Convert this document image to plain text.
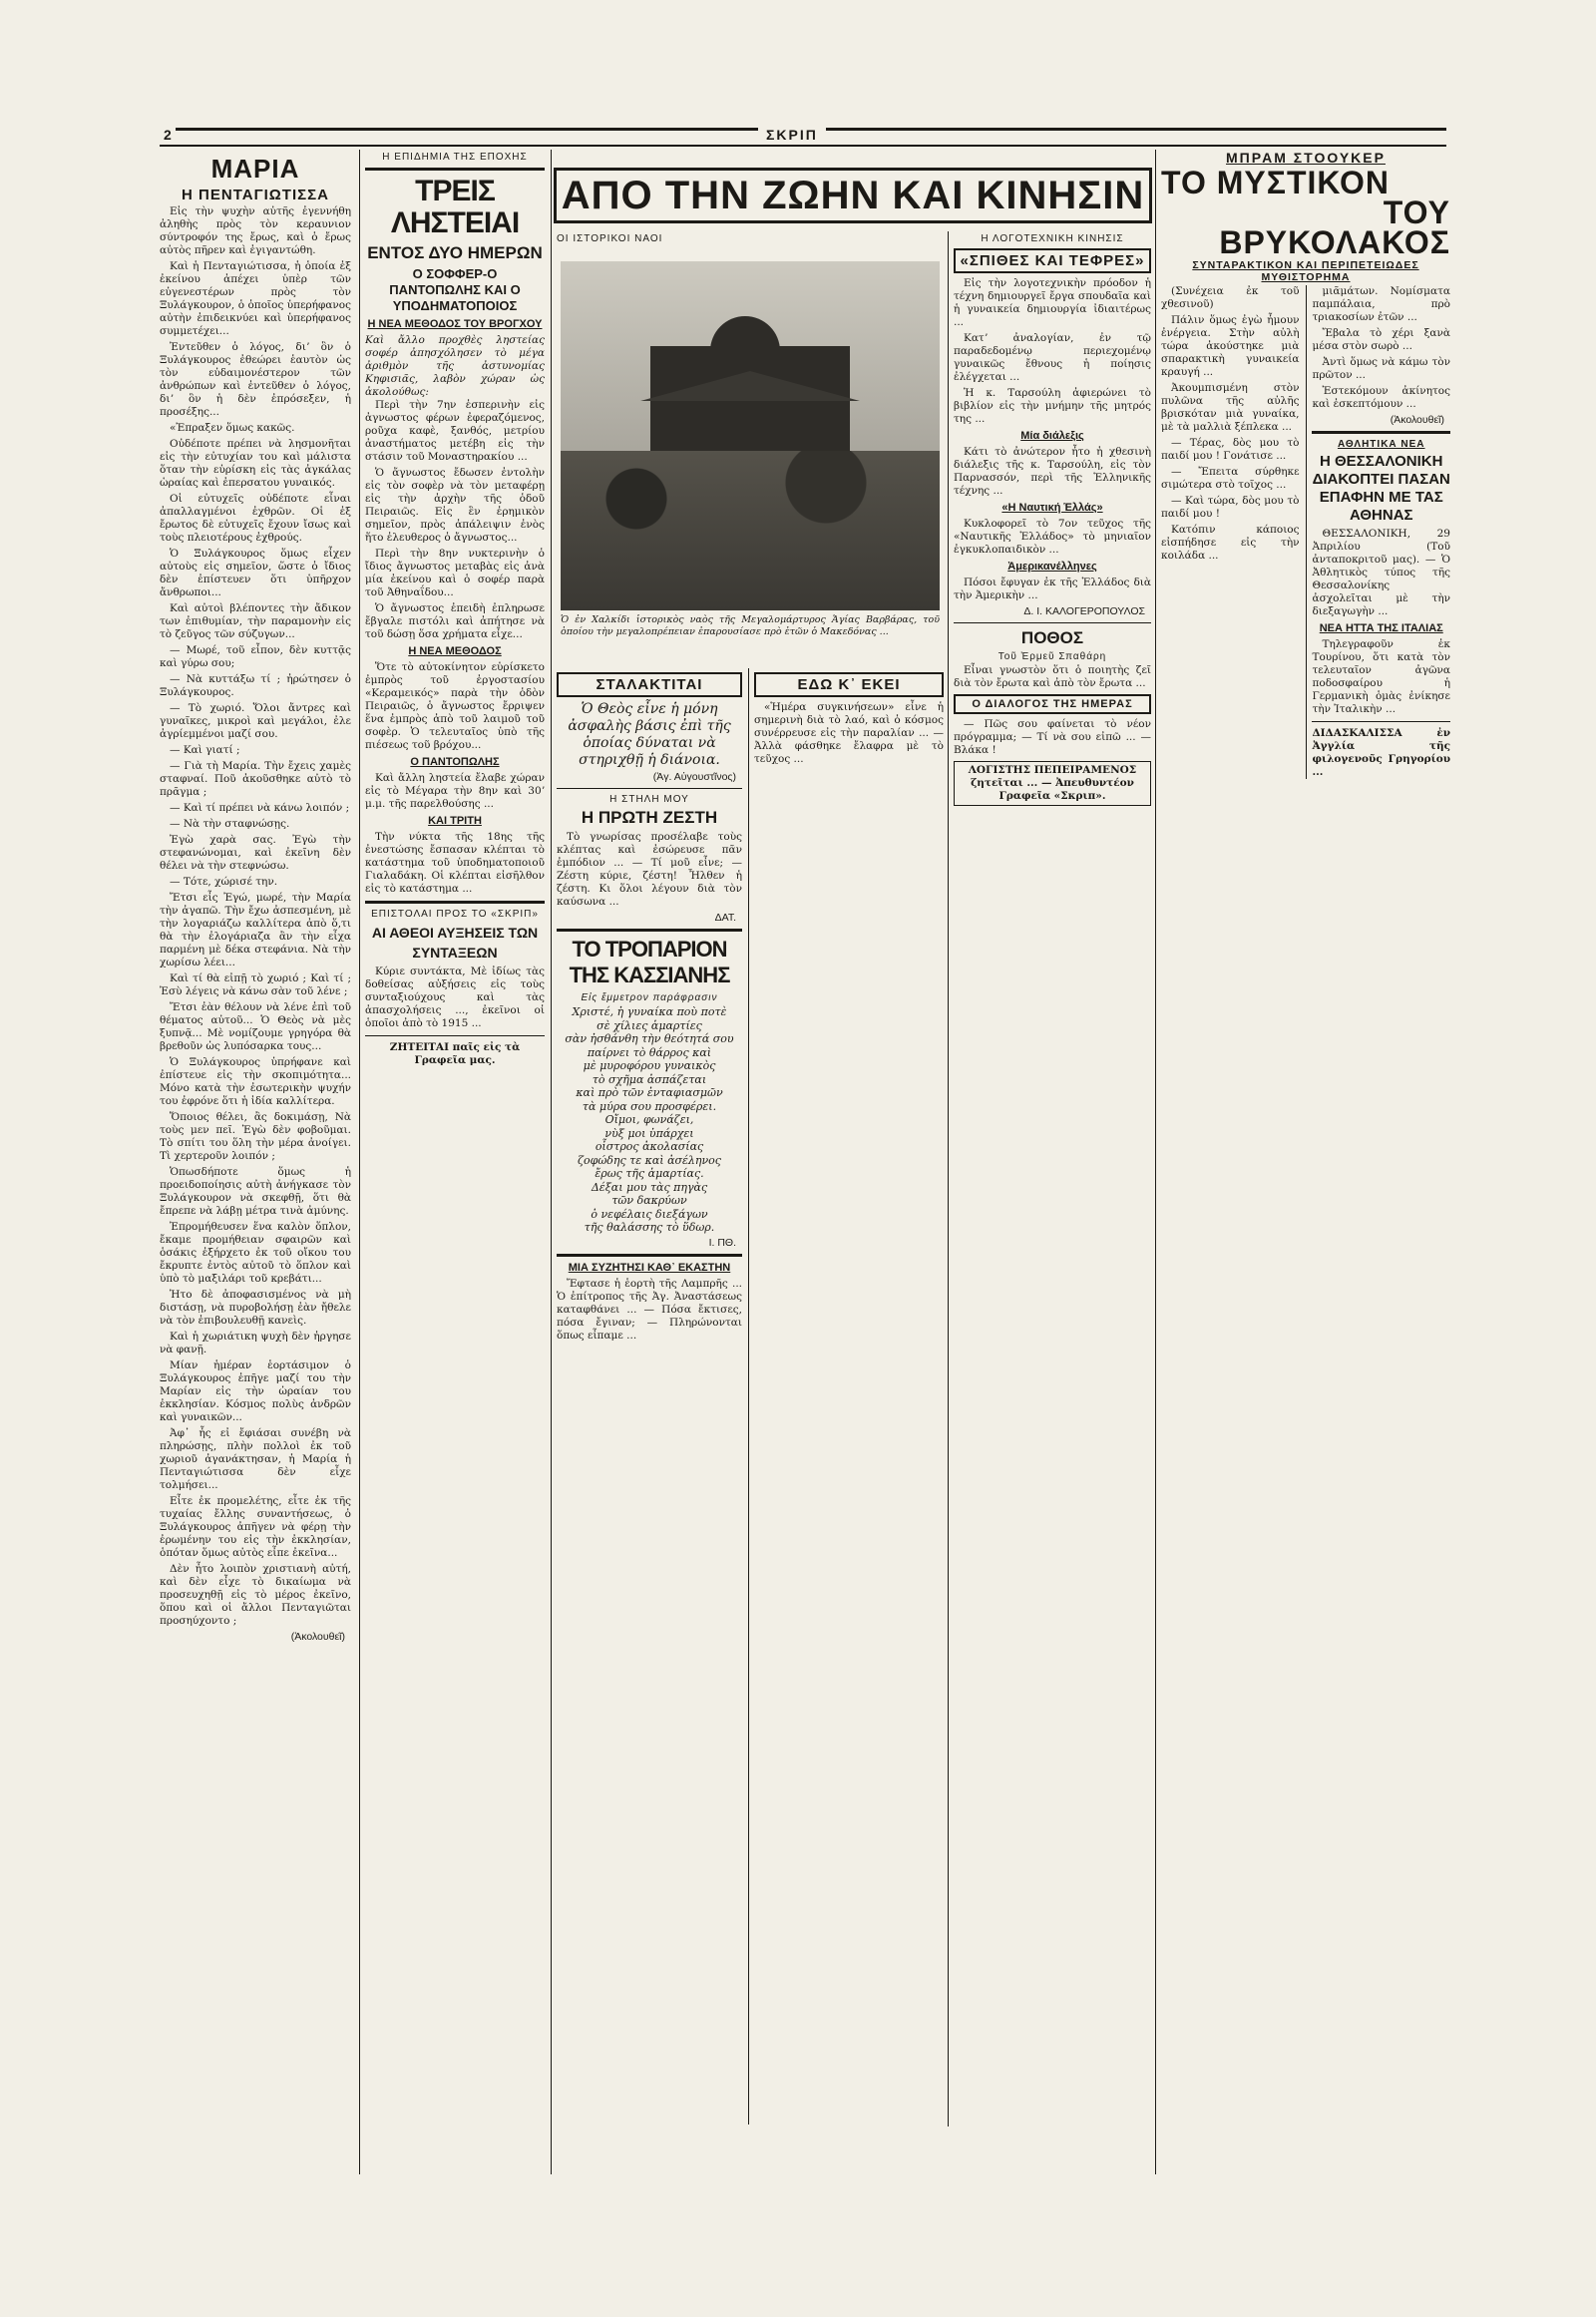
2	ΣΚΡΙΠ
ΜΑΡΙΑ
Η ΠΕΝΤΑΓΙΩΤΙΣΣΑ

Εἰς τὴν ψυχὴν αὐτῆς ἐγεννήθη ἀληθὴς πρὸς τὸν κεραυνιον σύντροφόν της ἔρως, καὶ ὁ ἔρως αὐτὸς πῆρεν καὶ ἐγιγαντώθη.

Καὶ ἡ Πενταγιώτισσα, ἡ ὁποία ἐξ ἐκείνου ἀπέχει ὑπὲρ τῶν εὐγενεστέρων πρὸς τὸν Ξυλάγκουρον, ὁ ὁποῖος ὑπερήφανος αὐτὴν ἐπιδεικνύει καὶ ὑπερήφανος συμμετέχει...

Ἐντεῦθεν ὁ λόγος, διʼ ὃν ὁ Ξυλάγκουρος ἐθεώρει ἑαυτὸν ὡς τὸν εὐδαιμονέστερον τῶν ἀνθρώπων καὶ ἐντεῦθεν ὁ λόγος, διʼ ὃν ἡ δὲν ἐπρόσεξεν, ἡ προσέξης...

«Ἐπραξεν ὅμως κακῶς.

Οὐδέποτε πρέπει νὰ λησμονῆται εἰς τὴν εὐτυχίαν του καὶ μάλιστα ὅταν τὴν εὑρίσκη εἰς τὰς ἀγκάλας ὡραίας καὶ ἐπερσατου γυναικός.

Οἱ εὐτυχεῖς οὐδέποτε εἶναι ἀπαλλαγμένοι ἐχθρῶν. Οἱ ἐξ ἔρωτος δὲ εὐτυχεῖς ἔχουν ἴσως καὶ τοὺς πλειοτέρους ἐχθρούς.

Ὁ Ξυλάγκουρος ὅμως εἶχεν αὐτοὺς εἰς σημεῖον, ὥστε ὁ ἴδιος δὲν ἐπίστευεν ὅτι ὑπῆρχον ἄνθρωποι...

Καὶ αὐτοὶ βλέποντες τὴν ἄδικον των ἐπιθυμίαν, τὴν παραμονὴν εἰς τὸ ζεῦγος τῶν σύζυγων...

— Μωρέ, τοῦ εἶπον, δὲν κυττᾷς καὶ γύρω σου;

— Νὰ κυττάξω τί ; ἠρώτησεν ὁ Ξυλάγκουρος.

— Τὸ χωριό. Ὅλοι ἄντρες καὶ γυναῖκες, μικροὶ καὶ μεγάλοι, ἐλε ἀγρίεμμένοι μαζί σου.

— Καὶ γιατί ;

— Γιὰ τὴ Μαρία. Τὴν ἔχεις χαμὲς σταφναί. Ποῦ ἀκοῦσθηκε αὐτὸ τὸ πρᾶγμα ;

— Καὶ τί πρέπει νὰ κάνω λοιπόν ;

— Νὰ τὴν σταφνώσῃς.

Ἐγὼ χαρὰ σας. Ἐγὼ τὴν στεφανώνομαι, καὶ ἐκεῖνη δὲν θέλει νὰ τὴν στεφνώσω.

— Τότε, χώρισέ την.

Ἔτσι εἶς Ἐγώ, μωρέ, τὴν Μαρία τὴν ἀγαπῶ. Τὴν ἔχω ἀσπεσμένη, μὲ τὴν λογαριάζω καλλίτερα ἀπὸ ὅ,τι θὰ τὴν ἐλογάριαζα ἂν τὴν εἶχα παρμένη μὲ δέκα στεφάνια. Νὰ τὴν χωρίσω λέει...

Καὶ τί θὰ εἰπῇ τὸ χωριό ; Καὶ τί ; Ἐσὺ λέγεις νὰ κάνω σὰν τοῦ λένε ;

Ἔτσι ἐὰν θέλουν νὰ λένε ἐπὶ τοῦ θέματος αὐτοῦ... Ὁ Θεὸς νὰ μὲς ξυπνᾷ... Μὲ νομίζουμε γρηγόρα θὰ βρεθοῦν ὡς λυπόσαρκα τους...

Ὁ Ξυλάγκουρος ὑπρήφανε καὶ ἐπίστευε εἰς τὴν σκοπιμότητα... Μόνο κατὰ τὴν ἐσωτερικὴν ψυχήν του ἐφρόνε ὅτι ἡ ἰδία καλλίτερα.

Ὅποιος θέλει, ἂς δοκιμάσῃ, Νὰ τοὺς μεν πεῖ. Ἐγὼ δὲν φοβοῦμαι. Τὸ σπίτι του ὅλη τὴν μέρα ἀνοίγει. Τὶ χερτεροῦν λοιπόν ;

Ὁπωσδήποτε ὅμως ἡ προειδοποίησις αὐτὴ ἀνήγκασε τὸν Ξυλάγκουρον νὰ σκεφθῇ, ὅτι θὰ ἔπρεπε νὰ λάβῃ μέτρα τινὰ ἀμύνης.

Ἐπρομήθευσεν ἕνα καλὸν ὅπλον, ἔκαμε προμήθειαν σφαιρῶν καὶ ὁσάκις ἐξήρχετο ἐκ τοῦ οἴκου του ἔκρυπτε ἐντὸς αὐτοῦ τὸ ὅπλον καὶ ὑπὸ τὸ μαξιλάρι τοῦ κρεβάτι...

Ἡτο δὲ ἀποφασισμένος νὰ μὴ διστάσῃ, νὰ πυροβολήσῃ ἐὰν ἤθελε νὰ τὸν ἐπιβουλευθῇ κανεὶς.

Καὶ ἡ χωριάτικη ψυχὴ δὲν ἠργησε νὰ φανῇ.

Μίαν ἡμέραν ἑορτάσιμον ὁ Ξυλάγκουρος ἐπῆγε μαζί του τὴν Μαρίαν εἰς τὴν ὡραίαν του ἐκκλησίαν. Κόσμος πολὺς ἀνδρῶν καὶ γυναικῶν...

Ἀφ᾽ ἧς εἰ ἔφιάσαι συνέβη νὰ πληρώσῃς, πλὴν πολλοὶ ἐκ τοῦ χωριοῦ ἀγανάκτησαν, ἡ Μαρία ἡ Πενταγιώτισσα δὲν εἶχε τολμήσει...

Εἶτε ἐκ προμελέτης, εἶτε ἐκ τῆς τυχαίας ἔλλης συναντήσεως, ὁ Ξυλάγκουρος ἀπῆγεν νὰ φέρῃ τὴν ἐρωμένην του εἰς τὴν ἐκκλησίαν, ὁπόταν ὅμως αὐτὸς εἶπε ἐκεῖνα...

Δὲν ἦτο λοιπὸν χριστιανὴ αὐτή, καὶ δὲν εἶχε τὸ δικαίωμα νὰ προσευχηθῇ εἰς τὸ μέρος ἐκεῖνο, ὅπου καὶ οἱ ἄλλοι Πενταγιῶται προσηύχοντο ;

(Ἀκολουθεῖ)
Η ΕΠΙΔΗΜΙΑ ΤΗΣ ΕΠΟΧΗΣ
ΤΡΕΙΣ ΛΗΣΤΕΙΑΙ
ΕΝΤΟΣ ΔΥΟ ΗΜΕΡΩΝ
Ο ΣΟΦΦΕΡ-Ο ΠΑΝΤΟΠΩΛΗΣ ΚΑΙ Ο ΥΠΟΔΗΜΑΤΟΠΟΙΟΣ
Η ΝΕΑ ΜΕΘΟΔΟΣ ΤΟΥ ΒΡΟΓΧΟΥ

Καὶ ἄλλο προχθὲς ληστείας σοφέρ ἀπησχόλησεν τὸ μέγα ἀριθμὸν τῆς ἀστυνομίας Κηφισιᾶς, λαβὸν χώραν ὡς ἀκολούθως:

Περὶ τὴν 7ην ἑσπερινὴν εἰς ἀγνωστος φέρων ἐφεραζόμενος, ροῦχα καφὲ, ξανθός, μετρίου ἀναστήματος μετέβη εἰς τὴν στάσιν τοῦ Μοναστηρακίου ...

Ὁ ἄγνωστος ἔδωσεν ἐντολὴν εἰς τὸν σοφὲρ νὰ τὸν μεταφέρῃ εἰς τὴν ἀρχὴν τῆς ὁδοῦ Πειραιῶς. Εἰς ἓν ἐρημικὸν σημεῖον, πρὸς ἀπάλειψιν ἐνὸς ἥτο ἐλευθερος ὁ ἄγνωστος...

Περὶ τὴν 8ην νυκτερινὴν ὁ ἴδιος ἄγνωστος μεταβὰς εἰς ἀνὰ μία ἐκείνου καὶ ὁ σοφέρ παρὰ τοῦ Ἀθηναΐδου...

Ὁ ἄγνωστος ἐπειδὴ ἐπληρωσε ἔβγαλε πιστόλι καὶ ἀπήτησε νὰ τοῦ δώσῃ ὅσα χρήματα εἶχε...

Η ΝΕΑ ΜΕΘΟΔΟΣ

Ὅτε τὸ αὐτοκίνητον εὑρίσκετο ἐμπρὸς τοῦ ἐργοστασίου «Κεραμεικός» παρὰ τὴν ὁδὸν Πειραιῶς, ὁ ἄγνωστος ἔρριψεν ἕνα ἐμπρὸς ἀπὸ τοῦ λαιμοῦ τοῦ σοφὲρ. Ὁ τελευταῖος ὑπὸ τῆς πιέσεως τοῦ βρόχου...

Ο ΠΑΝΤΟΠΩΛΗΣ

Καὶ ἄλλη ληστεία ἔλαβε χώραν εἰς τὸ Μέγαρα τὴν 8ην καὶ 30ʼ μ.μ. τῆς παρελθούσης ...

ΚΑΙ ΤΡΙΤΗ

Τὴν νύκτα τῆς 18ης τῆς ἐνεστώσης ἔσπασαν κλέπται τὸ κατάστημα τοῦ ὑποδηματοποιοῦ Γιαλαδάκη. Οἱ κλέπται εἰσῆλθον εἰς τὸ κατάστημα ...

ΕΠΙΣΤΟΛΑΙ ΠΡΟΣ ΤΟ «ΣΚΡΙΠ»
ΑΙ ΑΘΕΟΙ ΑΥΞΗΣΕΙΣ ΤΩΝ ΣΥΝΤΑΞΕΩΝ

Κύριε συντάκτα, Μὲ ἰδίως τὰς δοθείσας αὐξήσεις εἰς τοὺς συνταξιούχους καὶ τὰς ἀπασχολήσεις ..., ἐκεῖνοι οἱ ὁποῖοι ἀπὸ τὸ 1915 ...

ΖΗΤΕΙΤΑΙ παῖς εἰς τὰ Γραφεῖα μας.

ΑΠΟ ΤΗΝ ΖΩΗΝ ΚΑΙ ΚΙΝΗΣΙΝ
ΟΙ ΙΣΤΟΡΙΚΟΙ ΝΑΟΙ
Ὁ ἐν Χαλκίδι ἱστορικὸς ναὸς τῆς Μεγαλομάρτυρος Ἁγίας Βαρβάρας, τοῦ ὁποίου τὴν μεγαλοπρέπειαν ἐπαρουσίασε πρὸ ἐτῶν ὁ Μακεδόνας ...
ΣΤΑΛΑΚΤΙΤΑΙ

Ὁ Θεὸς εἶνε ἡ μόνη ἀσφαλὴς βάσις ἐπὶ τῆς ὁποίας δύναται νὰ στηριχθῇ ἡ διάνοια.

(Ἀγ. Αὐγουστῖνος)
Η ΣΤΗΛΗ ΜΟΥ
Η ΠΡΩΤΗ ΖΕΣΤΗ

Τὸ γνωρίσας προσέλαβε τοὺς κλέπτας καὶ ἐσώρευσε πᾶν ἐμπόδιον ... — Τί μοῦ εἶνε; — Ζέστη κύριε, ζέστη! Ἦλθεν ἡ ζέστη. Κι ὅλοι λέγουν διὰ τὸν καύσωνα ...

ΔΑΤ.
ΤΟ ΤΡΟΠΑΡΙΟΝ ΤΗΣ ΚΑΣΣΙΑΝΗΣ
Εἰς ἔμμετρον παράφρασιν

Χριστέ, ἡ γυναίκα ποὺ ποτὲ
σὲ χίλιες ἁμαρτίες
σὰν ἠσθάνθη τὴν θεότητά σου
παίρνει τὸ θάρρος καὶ
μὲ μυροφόρου γυναικὸς
τὸ σχῆμα ἀσπάζεται
καὶ πρὸ τῶν ἐνταφιασμῶν
τὰ μύρα σου προσφέρει.
Οἴμοι, φωνάζει,
νὺξ μοι ὑπάρχει
οἶστρος ἀκολασίας
ζοφώδης τε καὶ ἀσέληνος
ἔρως τῆς ἁμαρτίας.
Δέξαι μου τὰς πηγὰς
τῶν δακρύων
ὁ νεφέλαις διεξάγων
τῆς θαλάσσης τὸ ὕδωρ.

Ι. ΠΘ.
ΜΙΑ ΣΥΖΗΤΗΣΙ ΚΑΘ᾽ ΕΚΑΣΤΗΝ

Ἔφτασε ἡ ἑορτὴ τῆς Λαμπρῆς ... Ὁ ἐπίτροπος τῆς Ἀγ. Ἀναστάσεως καταφθάνει ... — Πόσα ἔκτισες, πόσα ἔγιναν; — Πληρώνονται ὅπως εἶπαμε ...

ΕΔΩ Κ᾽ ΕΚΕΙ

«Ἡμέρα συγκινήσεων» εἶνε ἡ σημερινὴ διὰ τὸ λαό, καὶ ὁ κόσμος συνέρρευσε εἰς τὴν παραλίαν ... — Ἀλλὰ φάσθηκε ἔλαφρα μὲ τὸ τεῦχος ...

Η ΛΟΓΟΤΕΧΝΙΚΗ ΚΙΝΗΣΙΣ
«ΣΠΙΘΕΣ ΚΑΙ ΤΕΦΡΕΣ»

Εἰς τὴν λογοτεχνικὴν πρόοδον ἡ τέχνη δημιουργεῖ ἔργα σπουδαῖα καὶ ἡ γυναικεία δημιουργία ἰδιαιτέρως ...

Κατʼ ἀναλογίαν, ἐν τῷ παραδεδομένῳ περιεχομένῳ γυναικῶς ἔθνους ἡ ποίησις ἐλέγχεται ...

Ἡ κ. Ταρσούλη ἀφιερώνει τὸ βιβλίον εἰς τὴν μνήμην τῆς μητρός της ...

Μία διάλεξις

Κάτι τὸ ἀνώτερον ἦτο ἡ χθεσινὴ διάλεξις τῆς κ. Ταρσούλη, εἰς τὸν Παρνασσόν, περὶ τῆς Ἑλληνικῆς τέχνης ...

«Η Ναυτική Ἑλλάς»

Κυκλοφορεῖ τὸ 7ον τεῦχος τῆς «Ναυτικῆς Ἑλλάδος» τὸ μηνιαῖον ἐγκυκλοπαιδικὸν ...

Ἀμερικανέλληνες

Πόσοι ἔφυγαν ἐκ τῆς Ἑλλάδος διὰ τὴν Ἀμερικὴν ...

Δ. Ι. ΚΑΛΟΓΕΡΟΠΟΥΛΟΣ
ΠΟΘΟΣ
Τοῦ Ἐρμεῦ Σπαθάρη

Εἶναι γνωστὸν ὅτι ὁ ποιητὴς ζεῖ διὰ τὸν ἔρωτα καὶ ἀπὸ τὸν ἔρωτα ...

Ο ΔΙΑΛΟΓΟΣ ΤΗΣ ΗΜΕΡΑΣ

— Πῶς σου φαίνεται τὸ νέον πρόγραμμα; — Τί νὰ σου εἰπῶ ... — Βλάκα !

ΛΟΓΙΣΤΗΣ ΠΕΠΕΙΡΑΜΕΝΟΣ ζητεῖται ... — Ἀπευθυντέον Γραφεῖα «Σκριπ».

ΜΠΡΑΜ ΣΤΟΟΥΚΕΡ
ΤΟ ΜΥΣΤΙΚΟΝ
ΤΟΥ ΒΡΥΚΟΛΑΚΟΣ
ΣΥΝΤΑΡΑΚΤΙΚΟΝ ΚΑΙ ΠΕΡΙΠΕΤΕΙΩΔΕΣ ΜΥΘΙΣΤΟΡΗΜΑ

(Συνέχεια ἐκ τοῦ χθεσινοῦ)

Πάλιν ὅμως ἐγὼ ἦμουν ἐνέργεια. Στὴν αὐλὴ τώρα ἀκούστηκε μιὰ σπαρακτικὴ γυναικεία κραυγή ...

Ἀκουμπισμένη στὸν πυλῶνα τῆς αὐλῆς βρισκόταν μιὰ γυναίκα, μὲ τὰ μαλλιὰ ξέπλεκα ...

— Τέρας, δὸς μου τὸ παιδί μου ! Γονάτισε ...

— Ἔπειτα σύρθηκε σιμώτερα στὸ τοῖχος ...

— Καὶ τώρα, δὸς μου τὸ παιδί μου !

Κατόπιν κάποιος εἰσπήδησε εἰς τὴν κοιλάδα ...

μιᾶμάτων. Νομίσματα παμπάλαια, πρὸ τριακοσίων ἐτῶν ...

Ἔβαλα τὸ χέρι ξανὰ μέσα στὸν σωρὸ ...

Ἀντὶ ὅμως νὰ κάμω τὸν πρῶτον ...

Ἐστεκόμουν ἀκίνητος καὶ ἐσκεπτόμουν ...

(Ἀκολουθεῖ)
ΑΘΛΗΤΙΚΑ ΝΕΑ
Η ΘΕΣΣΑΛΟΝΙΚΗ ΔΙΑΚΟΠΤΕΙ ΠΑΣΑΝ ΕΠΑΦΗΝ ΜΕ ΤΑΣ ΑΘΗΝΑΣ

ΘΕΣΣΑΛΟΝΙΚΗ, 29 Ἀπριλίου (Τοῦ ἀνταποκριτοῦ μας). — Ὁ Ἀθλητικὸς τύπος τῆς Θεσσαλονίκης ἀσχολεῖται μὲ τὴν διεξαγωγὴν ...

ΝΕΑ ΗΤΤΑ ΤΗΣ ΙΤΑΛΙΑΣ

Τηλεγραφοῦν ἐκ Τουρίνου, ὅτι κατὰ τὸν τελευταῖον ἀγῶνα ποδοσφαίρου ἡ Γερμανικὴ ὁμὰς ἐνίκησε τὴν Ἰταλικὴν ...

ΔΙΔΑΣΚΑΛΙΣΣΑ ἐν Ἀγγλία τῆς φιλογενοῦς Γρηγορίου ...
